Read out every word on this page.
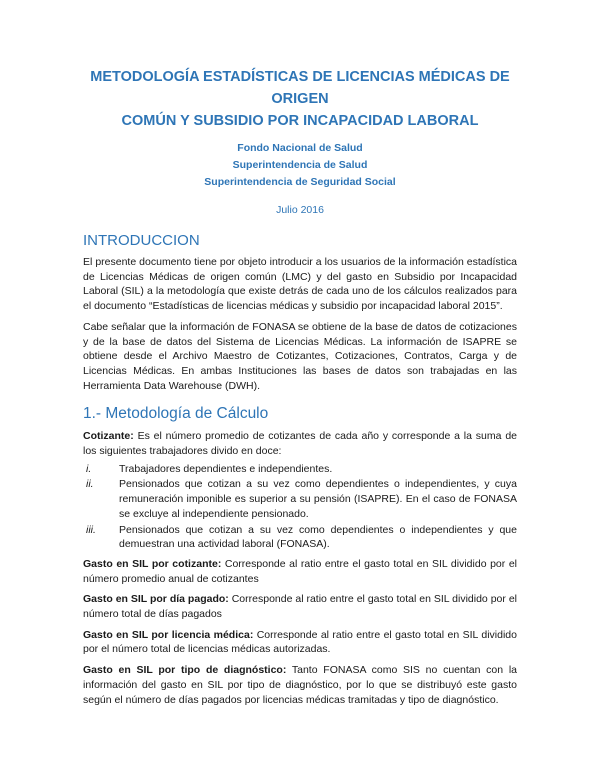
METODOLOGÍA ESTADÍSTICAS DE LICENCIAS MÉDICAS DE ORIGEN
COMÚN Y SUBSIDIO POR INCAPACIDAD LABORAL
Fondo Nacional de Salud
Superintendencia de Salud
Superintendencia de Seguridad Social
Julio 2016
INTRODUCCION

El presente documento tiene por objeto introducir a los usuarios de la información estadística de Licencias Médicas de origen común (LMC) y del gasto en Subsidio por Incapacidad Laboral (SIL) a la metodología que existe detrás de cada uno de los cálculos realizados para el documento “Estadísticas de licencias médicas y subsidio por incapacidad laboral 2015”.

Cabe señalar que la información de FONASA se obtiene de la base de datos de cotizaciones y de la base de datos del Sistema de Licencias Médicas. La información de ISAPRE se obtiene desde el Archivo Maestro de Cotizantes, Cotizaciones, Contratos, Carga y de Licencias Médicas. En ambas Instituciones las bases de datos son trabajadas en las Herramienta Data Warehouse (DWH).

1.- Metodología de Cálculo

Cotizante: Es el número promedio de cotizantes de cada año y corresponde a la suma de los siguientes trabajadores divido en doce:

i.	Trabajadores dependientes e independientes.
ii. Pensionados que cotizan a su vez como dependientes o independientes, y cuya remuneración imponible es superior a su pensión (ISAPRE). En el caso de FONASA se excluye al independiente pensionado.
iii. Pensionados que cotizan a su vez como dependientes o independientes y que demuestran una actividad laboral (FONASA).

Gasto en SIL por cotizante: Corresponde al ratio entre el gasto total en SIL dividido por el número promedio anual de cotizantes

Gasto en SIL por día pagado: Corresponde al ratio entre el gasto total en SIL dividido por el número total de días pagados

Gasto en SIL por licencia médica: Corresponde al ratio entre el gasto total en SIL dividido por el número total de licencias médicas autorizadas.

Gasto en SIL por tipo de diagnóstico: Tanto FONASA como SIS no cuentan con la información del gasto en SIL por tipo de diagnóstico, por lo que se distribuyó este gasto según el número de días pagados por licencias médicas tramitadas y tipo de diagnóstico.
